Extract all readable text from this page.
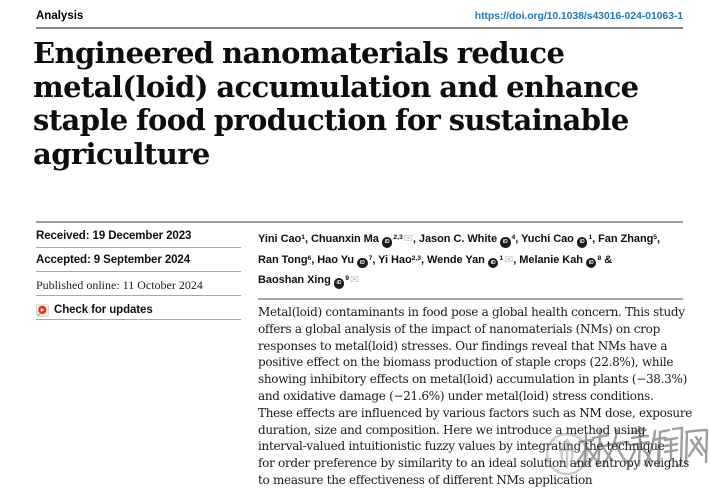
Analysis	https://doi.org/10.1038/s43016-024-01063-1
Engineered nanomaterials reduce
metal(loid) accumulation and enhance
staple food production for sustainable
agriculture
Received: 19 December 2023
Accepted: 9 September 2024
Published online: 11 October 2024
Check for updates
Yini Cao$^1$, Chuanxin Ma iD$^{2,3}$✉, Jason C. White $iD^4$, Yuchi Cao $iD^1$, Fan Zhang$^5$,
Ran Tong$^6$, Hao Yu $iD^7$, Yi Hao$^{2,3}$, Wende Yan $iD^1✉$, Melanie Kah $iD^8$ &
Baoshan Xing $iD^9✉$
Metal(loid) contaminants in food pose a global health concern. This study
offers a global analysis of the impact of nanomaterials (NMs) on crop
responses to metal(loid) stresses. Our findings reveal that NMs have a
positive effect on the biomass production of staple crops (22.8%), while
showing inhibitory effects on metal(loid) accumulation in plants (−38.3%)
and oxidative damage (−21.6%) under metal(loid) stress conditions.
These effects are influenced by various factors such as NM dose, exposure
duration, size and composition. Here we introduce a method using
interval-valued intuitionistic fuzzy values by integrating the technique
for order preference by similarity to an ideal solution and entropy weights
to measure the effectiveness of different NMs application
